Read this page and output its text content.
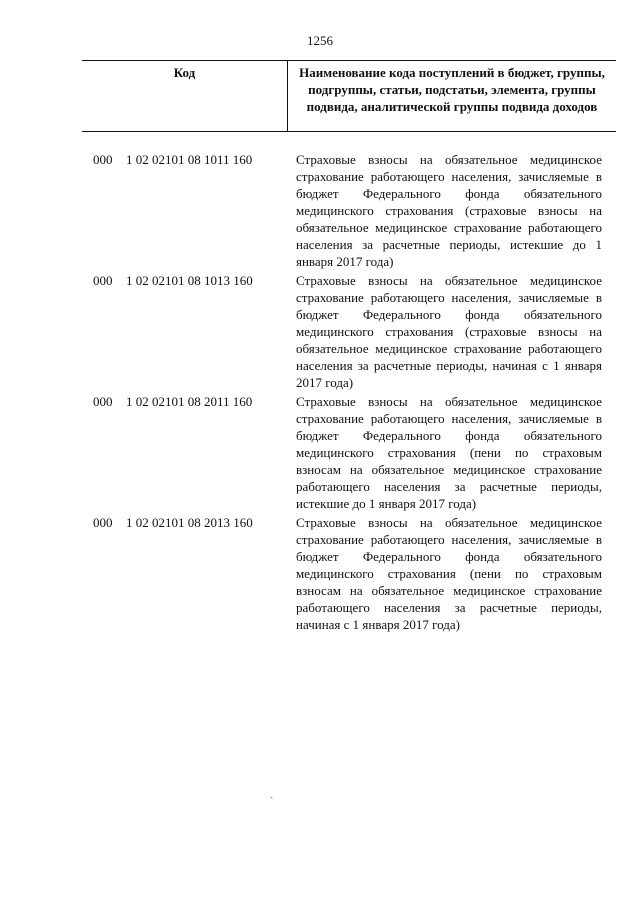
1256
Код	Наименование кода поступлений в бюджет, группы, подгруппы, статьи, подстатьи, элемента, группы подвида, аналитической группы подвида доходов
000	1 02 02101 08 1011 160	Страховые взносы на обязательное медицинское страхование работающего населения, зачисляемые в бюджет Федерального фонда обязательного медицинского страхования (страховые взносы на обязательное медицинское страхование работающего населения за расчетные периоды, истекшие до 1 января 2017 года)
000	1 02 02101 08 1013 160	Страховые взносы на обязательное медицинское страхование работающего населения, зачисляемые в бюджет Федерального фонда обязательного медицинского страхования (страховые взносы на обязательное медицинское страхование работающего населения за расчетные периоды, начиная с 1 января 2017 года)
000	1 02 02101 08 2011 160	Страховые взносы на обязательное медицинское страхование работающего населения, зачисляемые в бюджет Федерального фонда обязательного медицинского страхования (пени по страховым взносам на обязательное медицинское страхование работающего населения за расчетные периоды, истекшие до 1 января 2017 года)
000	1 02 02101 08 2013 160	Страховые взносы на обязательное медицинское страхование работающего населения, зачисляемые в бюджет Федерального фонда обязательного медицинского страхования (пени по страховым взносам на обязательное медицинское страхование работающего населения за расчетные периоды, начиная с 1 января 2017 года)
ˎ
